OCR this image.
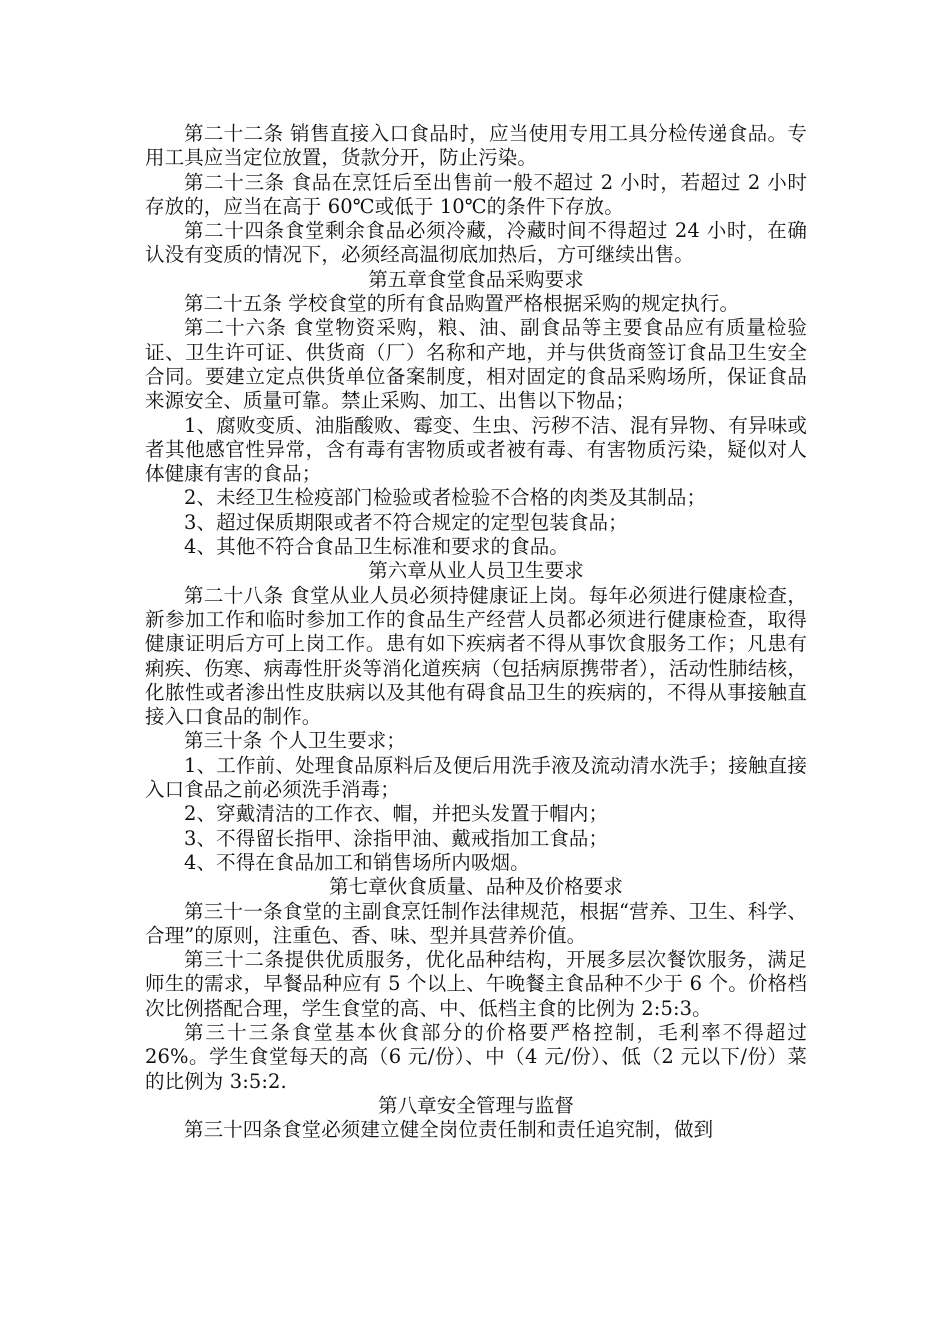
第二十二条 销售直接入口食品时，应当使用专用工具分检传递食品。专用工具应当定位放置，货款分开，防止污染。

第二十三条 食品在烹饪后至出售前一般不超过 2 小时，若超过 2 小时存放的，应当在高于 60℃或低于 10℃的条件下存放。

第二十四条食堂剩余食品必须冷藏，冷藏时间不得超过 24 小时，在确认没有变质的情况下，必须经高温彻底加热后，方可继续出售。

第五章食堂食品采购要求

第二十五条 学校食堂的所有食品购置严格根据采购的规定执行。

第二十六条 食堂物资采购，粮、油、副食品等主要食品应有质量检验证、卫生许可证、供货商（厂）名称和产地，并与供货商签订食品卫生安全合同。要建立定点供货单位备案制度，相对固定的食品采购场所，保证食品来源安全、质量可靠。禁止采购、加工、出售以下物品；

1、腐败变质、油脂酸败、霉变、生虫、污秽不洁、混有异物、有异味或者其他感官性异常，含有毒有害物质或者被有毒、有害物质污染，疑似对人体健康有害的食品；

2、未经卫生检疫部门检验或者检验不合格的肉类及其制品；

3、超过保质期限或者不符合规定的定型包装食品；

4、其他不符合食品卫生标准和要求的食品。

第六章从业人员卫生要求

第二十八条 食堂从业人员必须持健康证上岗。每年必须进行健康检查，新参加工作和临时参加工作的食品生产经营人员都必须进行健康检查，取得健康证明后方可上岗工作。患有如下疾病者不得从事饮食服务工作；凡患有痢疾、伤寒、病毒性肝炎等消化道疾病（包括病原携带者），活动性肺结核，化脓性或者渗出性皮肤病以及其他有碍食品卫生的疾病的，不得从事接触直接入口食品的制作。

第三十条 个人卫生要求；

1、工作前、处理食品原料后及便后用洗手液及流动清水洗手；接触直接入口食品之前必须洗手消毒；

2、穿戴清洁的工作衣、帽，并把头发置于帽内；

3、不得留长指甲、涂指甲油、戴戒指加工食品；

4、不得在食品加工和销售场所内吸烟。

第七章伙食质量、品种及价格要求

第三十一条食堂的主副食烹饪制作法律规范，根据“营养、卫生、科学、合理”的原则，注重色、香、味、型并具营养价值。

第三十二条提供优质服务，优化品种结构，开展多层次餐饮服务，满足师生的需求，早餐品种应有 5 个以上、午晚餐主食品种不少于 6 个。价格档次比例搭配合理，学生食堂的高、中、低档主食的比例为 2:5:3。

第三十三条食堂基本伙食部分的价格要严格控制，毛利率不得超过 26%。学生食堂每天的高（6 元/份）、中（4 元/份）、低（2 元以下/份）菜的比例为 3:5:2.

第八章安全管理与监督

第三十四条食堂必须建立健全岗位责任制和责任追究制，做到
